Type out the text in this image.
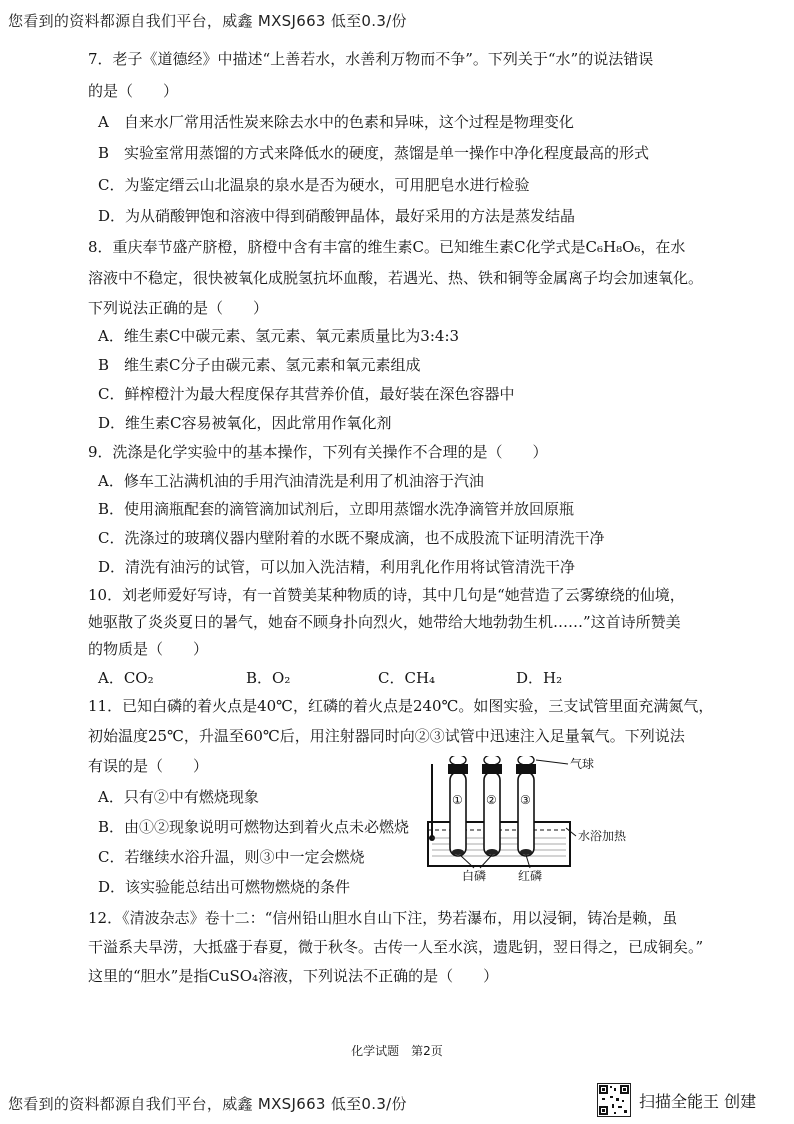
您看到的资料都源自我们平台，威鑫 MXSJ663 低至0.3/份
7．老子《道德经》中描述“上善若水，水善利万物而不争”。下列关于“水”的说法错误
的是（　　）
A　自来水厂常用活性炭来除去水中的色素和异味，这个过程是物理变化
B　实验室常用蒸馏的方式来降低水的硬度，蒸馏是单一操作中净化程度最高的形式
C．为鉴定缙云山北温泉的泉水是否为硬水，可用肥皂水进行检验
D．为从硝酸钾饱和溶液中得到硝酸钾晶体，最好采用的方法是蒸发结晶
8．重庆奉节盛产脐橙，脐橙中含有丰富的维生素C。已知维生素C化学式是C₆H₈O₆，在水
溶液中不稳定，很快被氧化成脱氢抗坏血酸，若遇光、热、铁和铜等金属离子均会加速氧化。
下列说法正确的是（　　）
A．维生素C中碳元素、氢元素、氧元素质量比为3:4:3
B　维生素C分子由碳元素、氢元素和氧元素组成
C．鲜榨橙汁为最大程度保存其营养价值，最好装在深色容器中
D．维生素C容易被氧化，因此常用作氧化剂
9．洗涤是化学实验中的基本操作，下列有关操作不合理的是（　　）
A．修车工沾满机油的手用汽油清洗是利用了机油溶于汽油
B．使用滴瓶配套的滴管滴加试剂后，立即用蒸馏水洗净滴管并放回原瓶
C．洗涤过的玻璃仪器内壁附着的水既不聚成滴，也不成股流下证明清洗干净
D．清洗有油污的试管，可以加入洗洁精，利用乳化作用将试管清洗干净
10．刘老师爱好写诗，有一首赞美某种物质的诗，其中几句是“她营造了云雾缭绕的仙境，
她驱散了炎炎夏日的暑气，她奋不顾身扑向烈火，她带给大地勃勃生机……”这首诗所赞美
的物质是（　　）
A．CO₂	B．O₂	C．CH₄	D．H₂
11．已知白磷的着火点是40℃，红磷的着火点是240℃。如图实验，三支试管里面充满氮气，
初始温度25℃，升温至60℃后，用注射器同时向②③试管中迅速注入足量氧气。下列说法
有误的是（　　）
A．只有②中有燃烧现象
B．由①②现象说明可燃物达到着火点未必燃烧
C．若继续水浴升温，则③中一定会燃烧
D．该实验能总结出可燃物燃烧的条件
① ② ③
气球
水浴加热
白磷	红磷
12．《清波杂志》卷十二：“信州铅山胆水自山下注，势若瀑布，用以浸铜，铸冶是赖，虽
干溢系夫旱涝，大抵盛于春夏，微于秋冬。古传一人至水滨，遗匙钥，翌日得之，已成铜矣。”
这里的“胆水”是指CuSO₄溶液，下列说法不正确的是（　　）
化学试题　第2页
您看到的资料都源自我们平台，威鑫 MXSJ663 低至0.3/份	扫描全能王 创建
